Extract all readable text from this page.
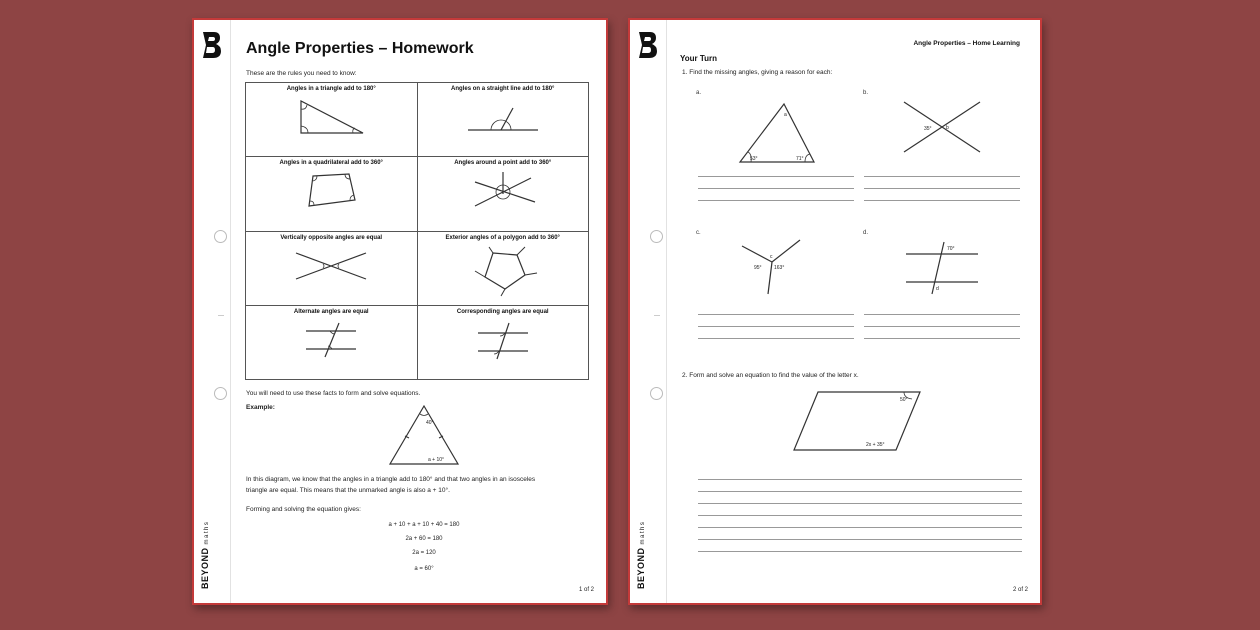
BEYONDmaths
Angle Properties – Homework
These are the rules you need to know:
Angles in a triangle add to 180°	Angles on a straight line add to 180°

Angles in a quadrilateral add to 360°	Angles around a point add to 360°

Vertically opposite angles are equal	Exterior angles of a polygon add to 360°

Alternate angles are equal	Corresponding angles are equal
You will need to use these facts to form and solve equations.
Example:
40°
a + 10°
In this diagram, we know that the angles in a triangle add to 180° and that two angles in an isosceles
triangle are equal. This means that the unmarked angle is also a + 10°.
Forming and solving the equation gives:
a + 10 + a + 10 + 40 = 180
2a + 60 = 180
2a = 120
a = 60°
1 of 2
BEYONDmaths
Angle Properties – Home Learning
Your Turn
1. Find the missing angles, giving a reason for each:
a.
a
53°	71°
b.
35°	b
c.
c
95° 163°
d.
70°
d
2. Form and solve an equation to find the value of the letter x.
50°
2x + 35°
2 of 2
